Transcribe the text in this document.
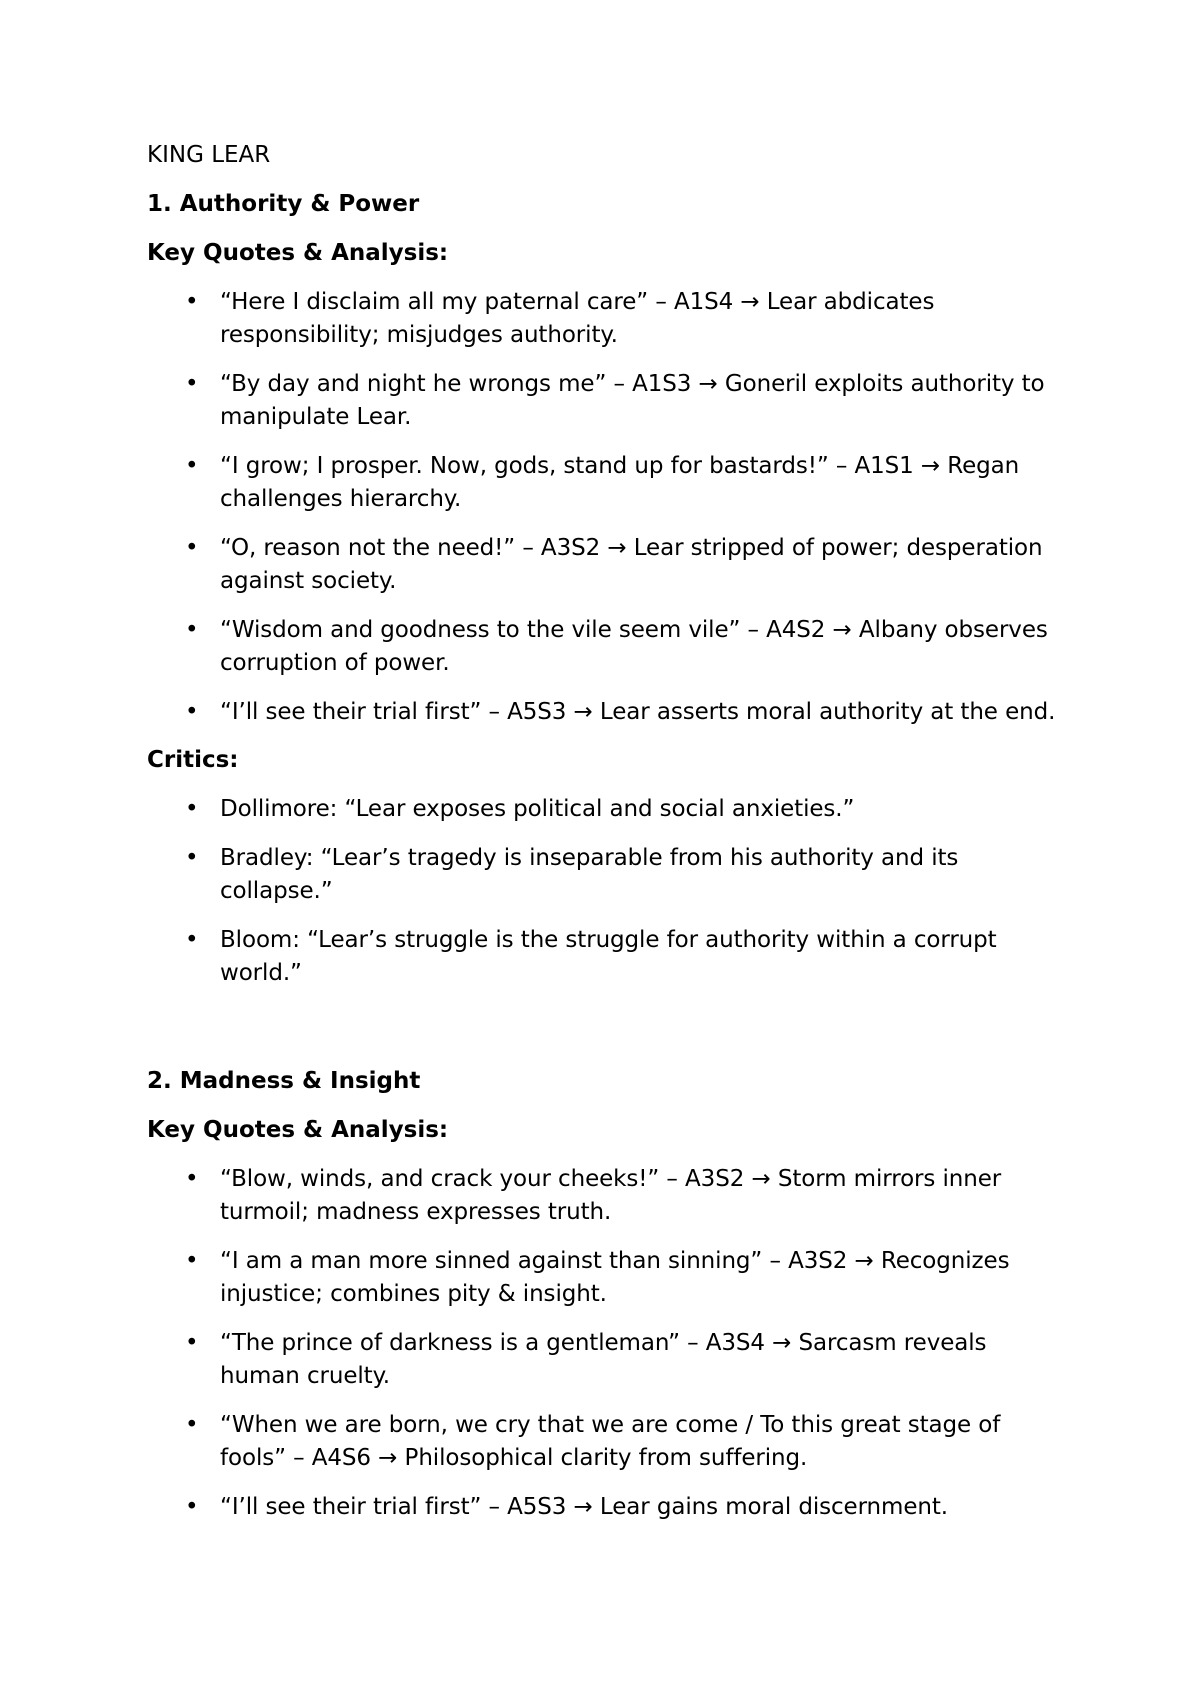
KING LEAR
1. Authority & Power
Key Quotes & Analysis:
• “Here I disclaim all my paternal care” – A1S4 → Lear abdicates responsibility; misjudges authority.
• “By day and night he wrongs me” – A1S3 → Goneril exploits authority to manipulate Lear.
• “I grow; I prosper. Now, gods, stand up for bastards!” – A1S1 → Regan challenges hierarchy.
• “O, reason not the need!” – A3S2 → Lear stripped of power; desperation against society.
• “Wisdom and goodness to the vile seem vile” – A4S2 → Albany observes corruption of power.
• “I’ll see their trial first” – A5S3 → Lear asserts moral authority at the end.
Critics:
• Dollimore: “Lear exposes political and social anxieties.”
• Bradley: “Lear’s tragedy is inseparable from his authority and its collapse.”
• Bloom: “Lear’s struggle is the struggle for authority within a corrupt world.”
2. Madness & Insight
Key Quotes & Analysis:
• “Blow, winds, and crack your cheeks!” – A3S2 → Storm mirrors inner turmoil; madness expresses truth.
• “I am a man more sinned against than sinning” – A3S2 → Recognizes injustice; combines pity & insight.
• “The prince of darkness is a gentleman” – A3S4 → Sarcasm reveals human cruelty.
• “When we are born, we cry that we are come / To this great stage of fools” – A4S6 → Philosophical clarity from suffering.
• “I’ll see their trial first” – A5S3 → Lear gains moral discernment.
